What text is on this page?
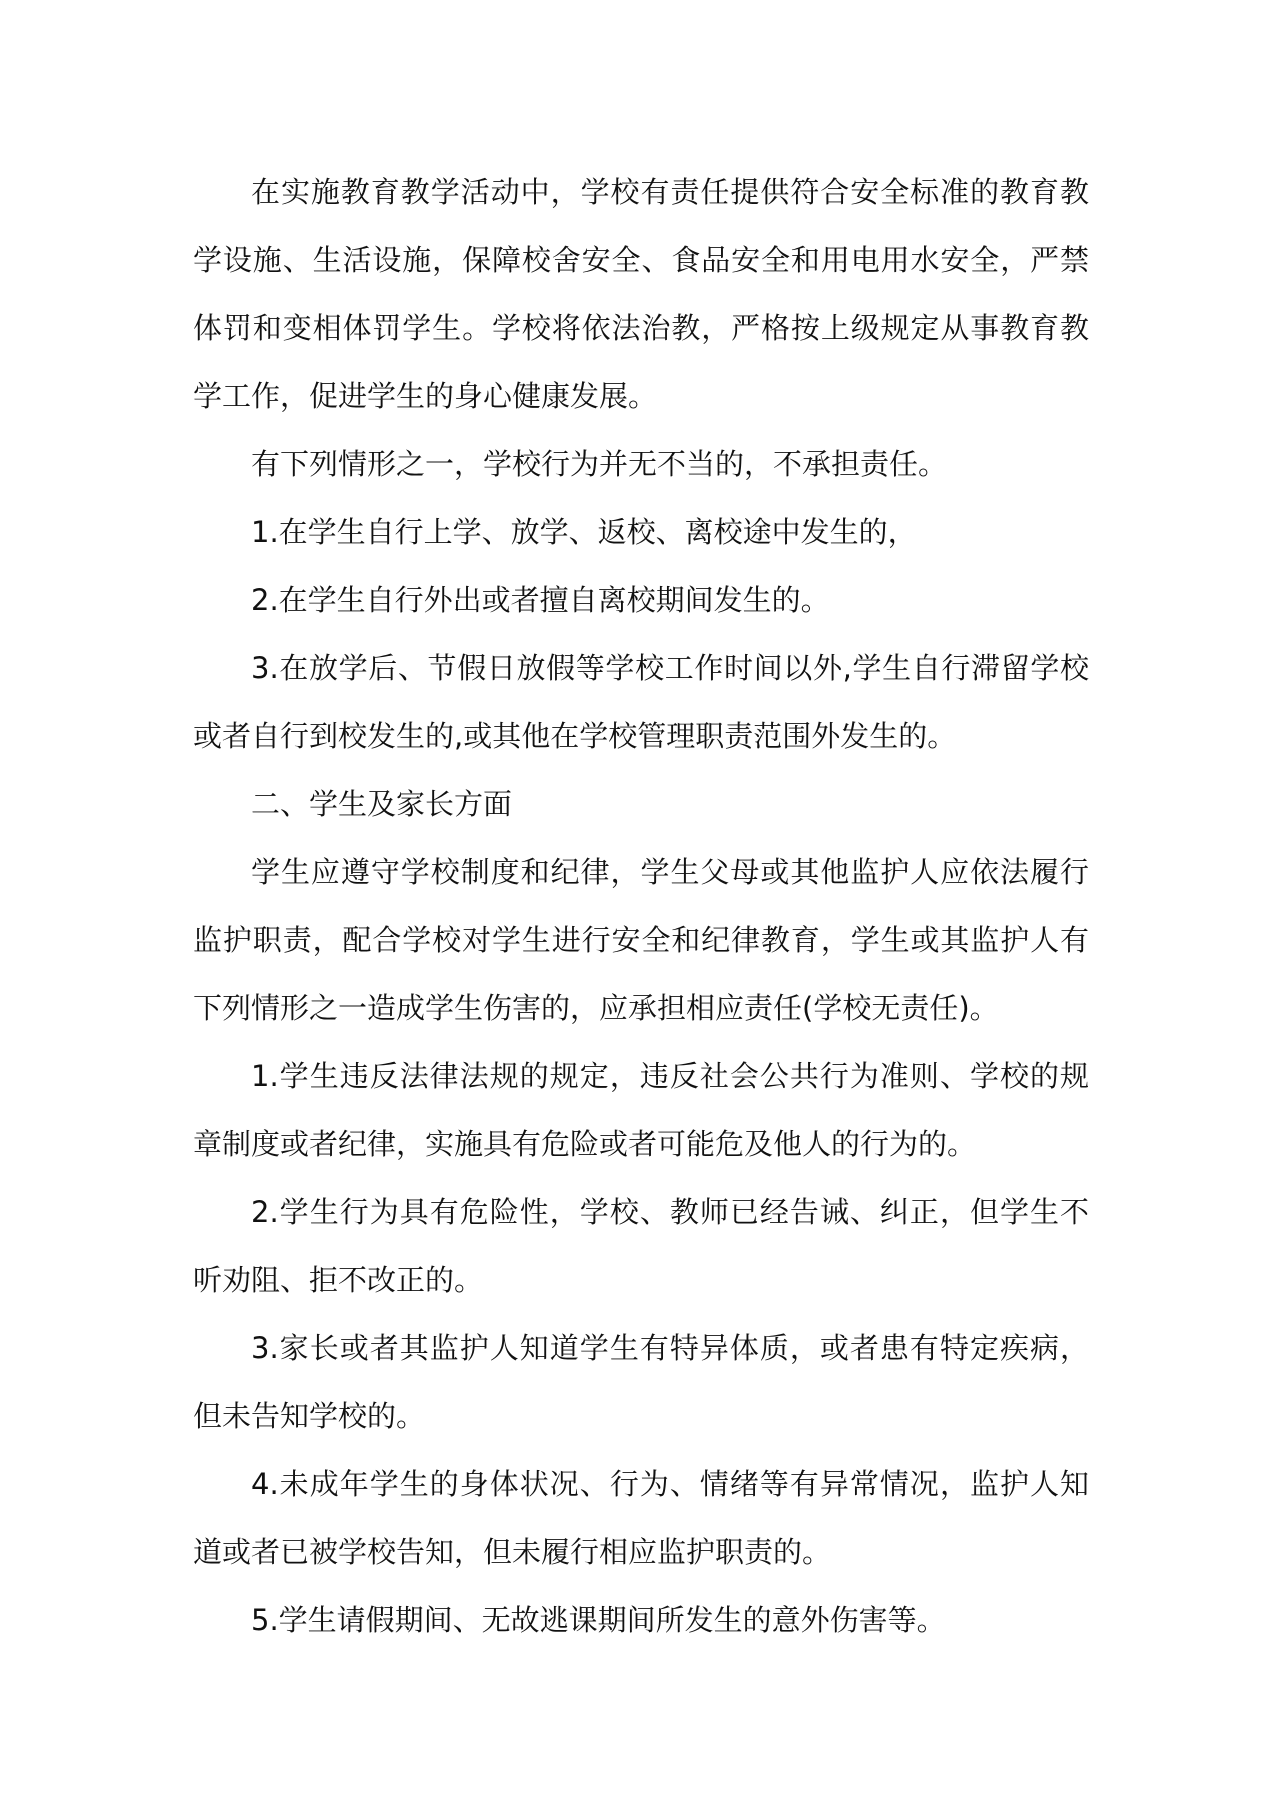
在实施教育教学活动中，学校有责任提供符合安全标准的教育教学设施、生活设施，保障校舍安全、食品安全和用电用水安全，严禁体罚和变相体罚学生。学校将依法治教，严格按上级规定从事教育教学工作，促进学生的身心健康发展。

有下列情形之一，学校行为并无不当的，不承担责任。

1.在学生自行上学、放学、返校、离校途中发生的，

2.在学生自行外出或者擅自离校期间发生的。

3.在放学后、节假日放假等学校工作时间以外,学生自行滞留学校或者自行到校发生的,或其他在学校管理职责范围外发生的。

二、学生及家长方面

学生应遵守学校制度和纪律，学生父母或其他监护人应依法履行监护职责，配合学校对学生进行安全和纪律教育，学生或其监护人有下列情形之一造成学生伤害的，应承担相应责任(学校无责任)。

1.学生违反法律法规的规定，违反社会公共行为准则、学校的规章制度或者纪律，实施具有危险或者可能危及他人的行为的。

2.学生行为具有危险性，学校、教师已经告诫、纠正，但学生不听劝阻、拒不改正的。

3.家长或者其监护人知道学生有特异体质，或者患有特定疾病，但未告知学校的。

4.未成年学生的身体状况、行为、情绪等有异常情况，监护人知道或者已被学校告知，但未履行相应监护职责的。

5.学生请假期间、无故逃课期间所发生的意外伤害等。
